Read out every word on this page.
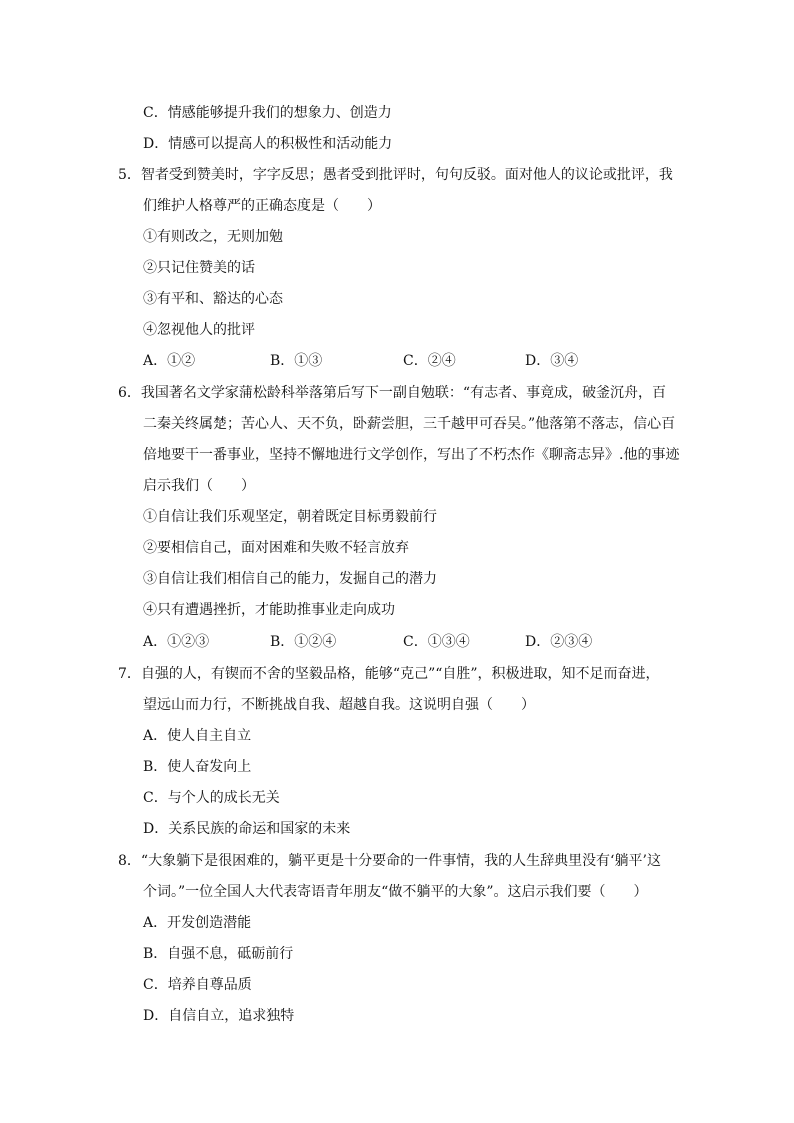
C．情感能够提升我们的想象力、创造力
D．情感可以提高人的积极性和活动能力
5．智者受到赞美时，字字反思；愚者受到批评时，句句反驳。面对他人的议论或批评，我
们维护人格尊严的正确态度是（　　）
①有则改之，无则加勉
②只记住赞美的话
③有平和、豁达的心态
④忽视他人的批评
A．①②	B．①③	C．②④	D．③④
6．我国著名文学家蒲松龄科举落第后写下一副自勉联：“有志者、事竟成，破釜沉舟，百
二秦关终属楚；苦心人、天不负，卧薪尝胆，三千越甲可吞吴。”他落第不落志，信心百
倍地要干一番事业，坚持不懈地进行文学创作，写出了不朽杰作《聊斋志异》.他的事迹
启示我们（　　）
①自信让我们乐观坚定，朝着既定目标勇毅前行
②要相信自己，面对困难和失败不轻言放弃
③自信让我们相信自己的能力，发掘自己的潜力
④只有遭遇挫折，才能助推事业走向成功
A．①②③	B．①②④	C．①③④	D．②③④
7．自强的人，有锲而不舍的坚毅品格，能够“克己”“自胜”，积极进取，知不足而奋进，
望远山而力行，不断挑战自我、超越自我。这说明自强（　　）
A．使人自主自立
B．使人奋发向上
C．与个人的成长无关
D．关系民族的命运和国家的未来
8．“大象躺下是很困难的，躺平更是十分要命的一件事情，我的人生辞典里没有‘躺平’这
个词。”一位全国人大代表寄语青年朋友“做不躺平的大象”。这启示我们要（　　）
A．开发创造潜能
B．自强不息，砥砺前行
C．培养自尊品质
D．自信自立，追求独特
